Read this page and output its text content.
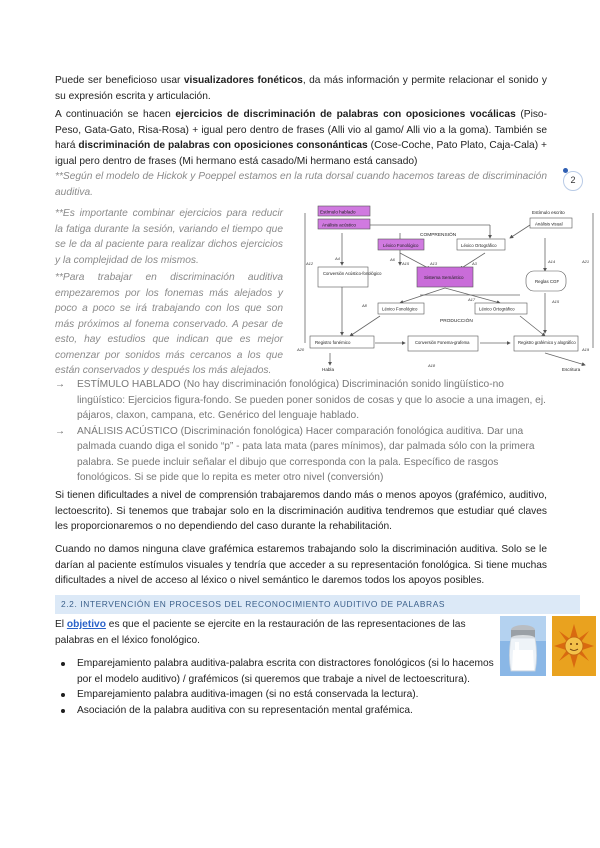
Puede ser beneficioso usar visualizadores fonéticos, da más información y permite relacionar el sonido y su expresión escrita y articulación.

A continuación se hacen ejercicios de discriminación de palabras con oposiciones vocálicas (Piso-Peso, Gata-Gato, Risa-Rosa) + igual pero dentro de frases (Alli vio al gamo/ Alli vio a la goma). También se hará discriminación de palabras con oposiciones consonánticas (Cose-Coche, Pato Plato, Caja-Cala) + igual pero dentro de frases (Mi hermano está casado/Mi hermano está cansado)

**Según el modelo de Hickok y Poeppel estamos en la ruta dorsal cuando hacemos tareas de discriminación auditiva.

2

**Es importante combinar ejercicios para reducir la fatiga durante la sesión, variando el tiempo que se le da al paciente para realizar dichos ejercicios y la complejidad de los mismos.

**Para trabajar en discriminación auditiva empezaremos por los fonemas más alejados y poco a poco se irá trabajando con los que son más próximos al fonema conservado. A pesar de esto, hay estudios que indican que es mejor comenzar por sonidos más cercanos a los que están conservados y después los más alejados.

Estímulo hablado
Análisis acústico
COMPRENSIÓN
Léxico Fonológico	Léxico Ortográfico
Sistema Semántico
Conversión Acústico-fonológico
Léxico Fonológico	Léxico Ortográfico
Reglas CGF
PRODUCCIÓN
Registro fonémico	Conversión Fonema-grafema	Registro grafémico y alográfico
Habla	Escritura
Estímulo escrito
Análisis visual
A12
A4	A6
A15	A13	A3	A14
A8
A17	A15
A18
A21
A20	A19
→ ESTÍMULO HABLADO (No hay discriminación fonológica) Discriminación sonido lingüístico-no lingüístico: Ejercicios figura-fondo. Se pueden poner sonidos de cosas y que lo asocie a una imagen, ej. pájaros, claxon, campana, etc. Genérico del lenguaje hablado.

→ ANÁLISIS ACÚSTICO (Discriminación fonológica) Hacer comparación fonológica auditiva. Dar una palmada cuando diga el sonido “p” - pata lata mata (pares mínimos), dar palmada sólo con la primera palabra. Se puede incluir señalar el dibujo que corresponda con la pala. Específico de rasgos fonológicos. Si se pide que lo repita es meter otro nivel (conversión)

Si tienen dificultades a nivel de comprensión trabajaremos dando más o menos apoyos (grafémico, auditivo, lectoescrito). Si tenemos que trabajar solo en la discriminación auditiva tendremos que estudiar qué claves les proporcionaremos o no dependiendo del caso durante la rehabilitación.

Cuando no damos ninguna clave grafémica estaremos trabajando solo la discriminación auditiva. Solo se le darían al paciente estímulos visuales y tendría que acceder a su representación fonológica. Si tiene muchas dificultades a nivel de acceso al léxico o nivel semántico le daremos todos los apoyos posibles.

2.2. INTERVENCIÓN EN PROCESOS DEL RECONOCIMIENTO AUDITIVO DE PALABRAS

El objetivo es que el paciente se ejercite en la restauración de las representaciones de las palabras en el léxico fonológico.

Emparejamiento palabra auditiva-palabra escrita con distractores fonológicos (si lo hacemos por el modelo auditivo) / grafémicos (si queremos que trabaje a nivel de lectoescritura).

Emparejamiento palabra auditiva-imagen (si no está conservada la lectura).

Asociación de la palabra auditiva con su representación mental grafémica.
